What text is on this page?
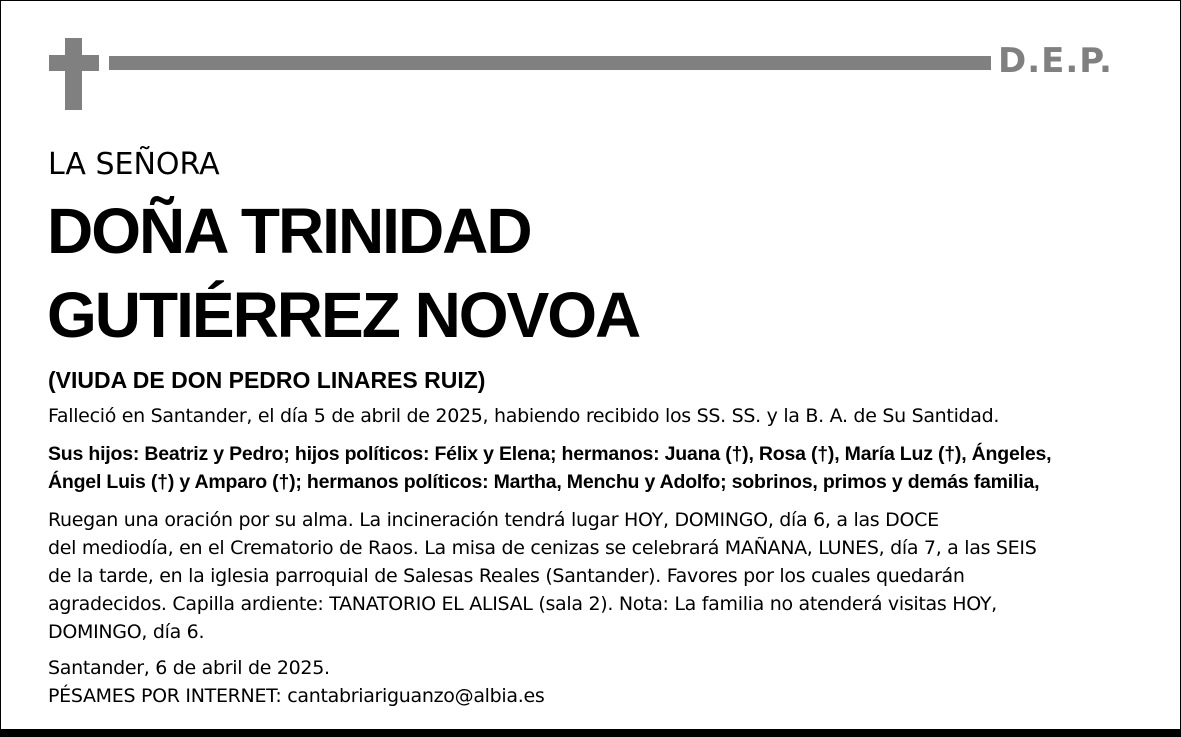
D.E.P.
LA SEÑORA
DOÑA TRINIDAD
GUTIÉRREZ NOVOA
(VIUDA DE DON PEDRO LINARES RUIZ)
Falleció en Santander, el día 5 de abril de 2025, habiendo recibido los SS. SS. y la B. A. de Su Santidad.
Sus hijos: Beatriz y Pedro; hijos políticos: Félix y Elena; hermanos: Juana (†), Rosa (†), María Luz (†), Ángeles,
Ángel Luis (†) y Amparo (†); hermanos políticos: Martha, Menchu y Adolfo; sobrinos, primos y demás familia,
Ruegan una oración por su alma. La incineración tendrá lugar HOY, DOMINGO, día 6, a las DOCE
del mediodía, en el Crematorio de Raos. La misa de cenizas se celebrará MAÑANA, LUNES, día 7, a las SEIS
de la tarde, en la iglesia parroquial de Salesas Reales (Santander). Favores por los cuales quedarán
agradecidos. Capilla ardiente: TANATORIO EL ALISAL (sala 2). Nota: La familia no atenderá visitas HOY,
DOMINGO, día 6.
Santander, 6 de abril de 2025.
PÉSAMES POR INTERNET: cantabriariguanzo@albia.es
